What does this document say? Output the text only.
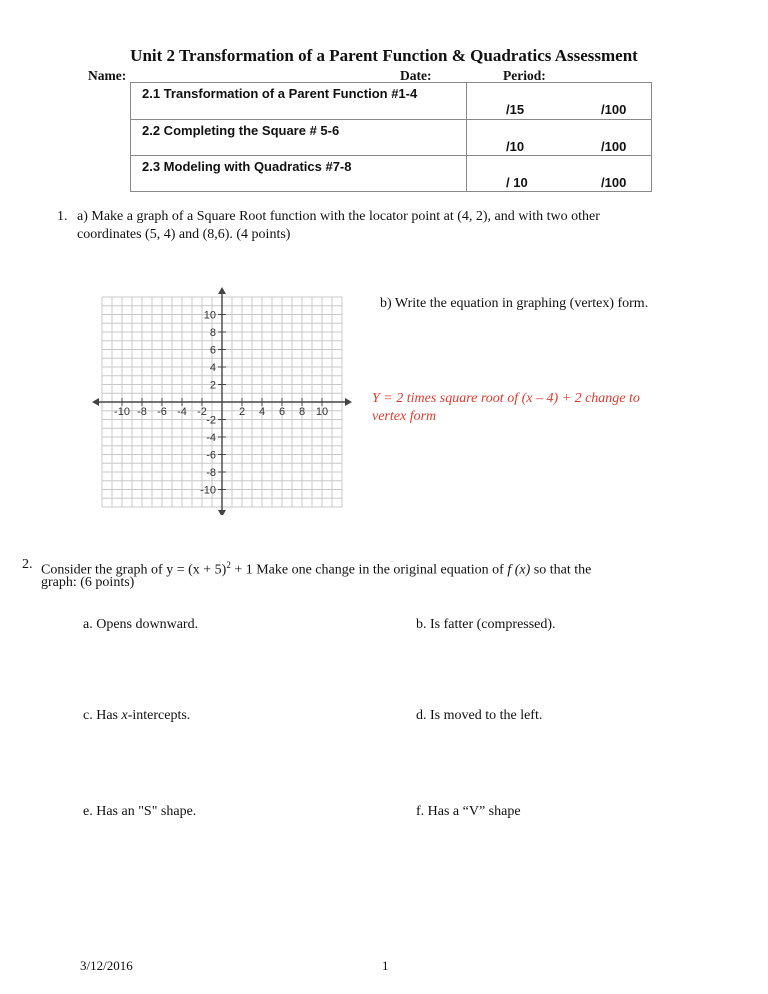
Unit 2 Transformation of a Parent Function & Quadratics Assessment
Name:	Date:	Period:
2.1 Transformation of a Parent Function #1-4
/15	/100
2.2 Completing the Square # 5-6
/10	/100
2.3 Modeling with Quadratics #7-8
/ 10	/100
1. a) Make a graph of a Square Root function with the locator point at (4, 2), and with two other
coordinates (5, 4) and (8,6). (4 points)
-10 -8 -6 -4 -2	2 4 6 8 10
10
8
6
4
2
-2
-4
-6
-8
-10
b) Write the equation in graphing (vertex) form.
Y = 2 times square root of (x – 4) + 2 change to
vertex form
2. Consider the graph of $y = (x + 5)^2 + 1$ Make one change in the original equation of f (x) so that the
graph: (6 points)
a. Opens downward.	b. Is fatter (compressed).
c. Has x-intercepts.	d. Is moved to the left.
e. Has an "S" shape.	f. Has a “V” shape
3/12/2016	1
